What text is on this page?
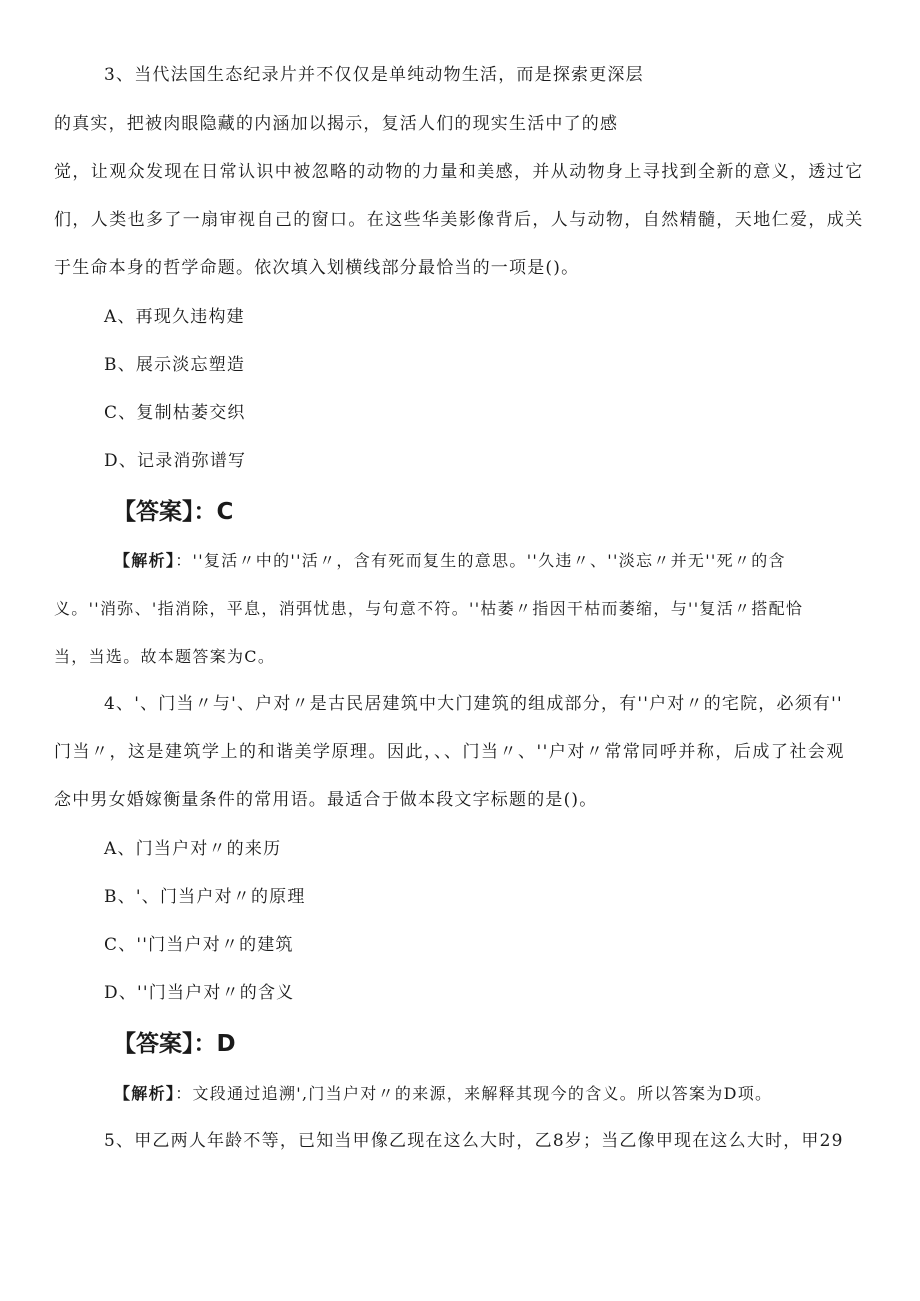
3、当代法国生态纪录片并不仅仅是单纯动物生活，而是探索更深层
的真实，把被肉眼隐藏的内涵加以揭示，复活人们的现实生活中了的感
觉，让观众发现在日常认识中被忽略的动物的力量和美感，并从动物身上寻找到全新的意义，透过它
们，人类也多了一扇审视自己的窗口。在这些华美影像背后，人与动物，自然精髓，天地仁爱，成关
于生命本身的哲学命题。依次填入划横线部分最恰当的一项是()。
A、再现久违构建
B、展示淡忘塑造
C、复制枯萎交织
D、记录消弥谱写
【答案】：C
【解析】：''复活〃中的''活〃，含有死而复生的意思。''久违〃、''淡忘〃并无''死〃的含
义。''消弥、'指消除，平息，消弭忧患，与句意不符。''枯萎〃指因干枯而萎缩，与''复活〃搭配恰
当，当选。故本题答案为C。
4、'、门当〃与'、户对〃是古民居建筑中大门建筑的组成部分，有''户对〃的宅院，必须有''
门当〃，这是建筑学上的和谐美学原理。因此，、、门当〃、''户对〃常常同呼并称，后成了社会观
念中男女婚嫁衡量条件的常用语。最适合于做本段文字标题的是()。
A、门当户对〃的来历
B、'、门当户对〃的原理
C、''门当户对〃的建筑
D、''门当户对〃的含义
【答案】：D
【解析】：文段通过追溯',门当户对〃的来源，来解释其现今的含义。所以答案为D项。
5、甲乙两人年龄不等，已知当甲像乙现在这么大时，乙8岁；当乙像甲现在这么大时，甲29
